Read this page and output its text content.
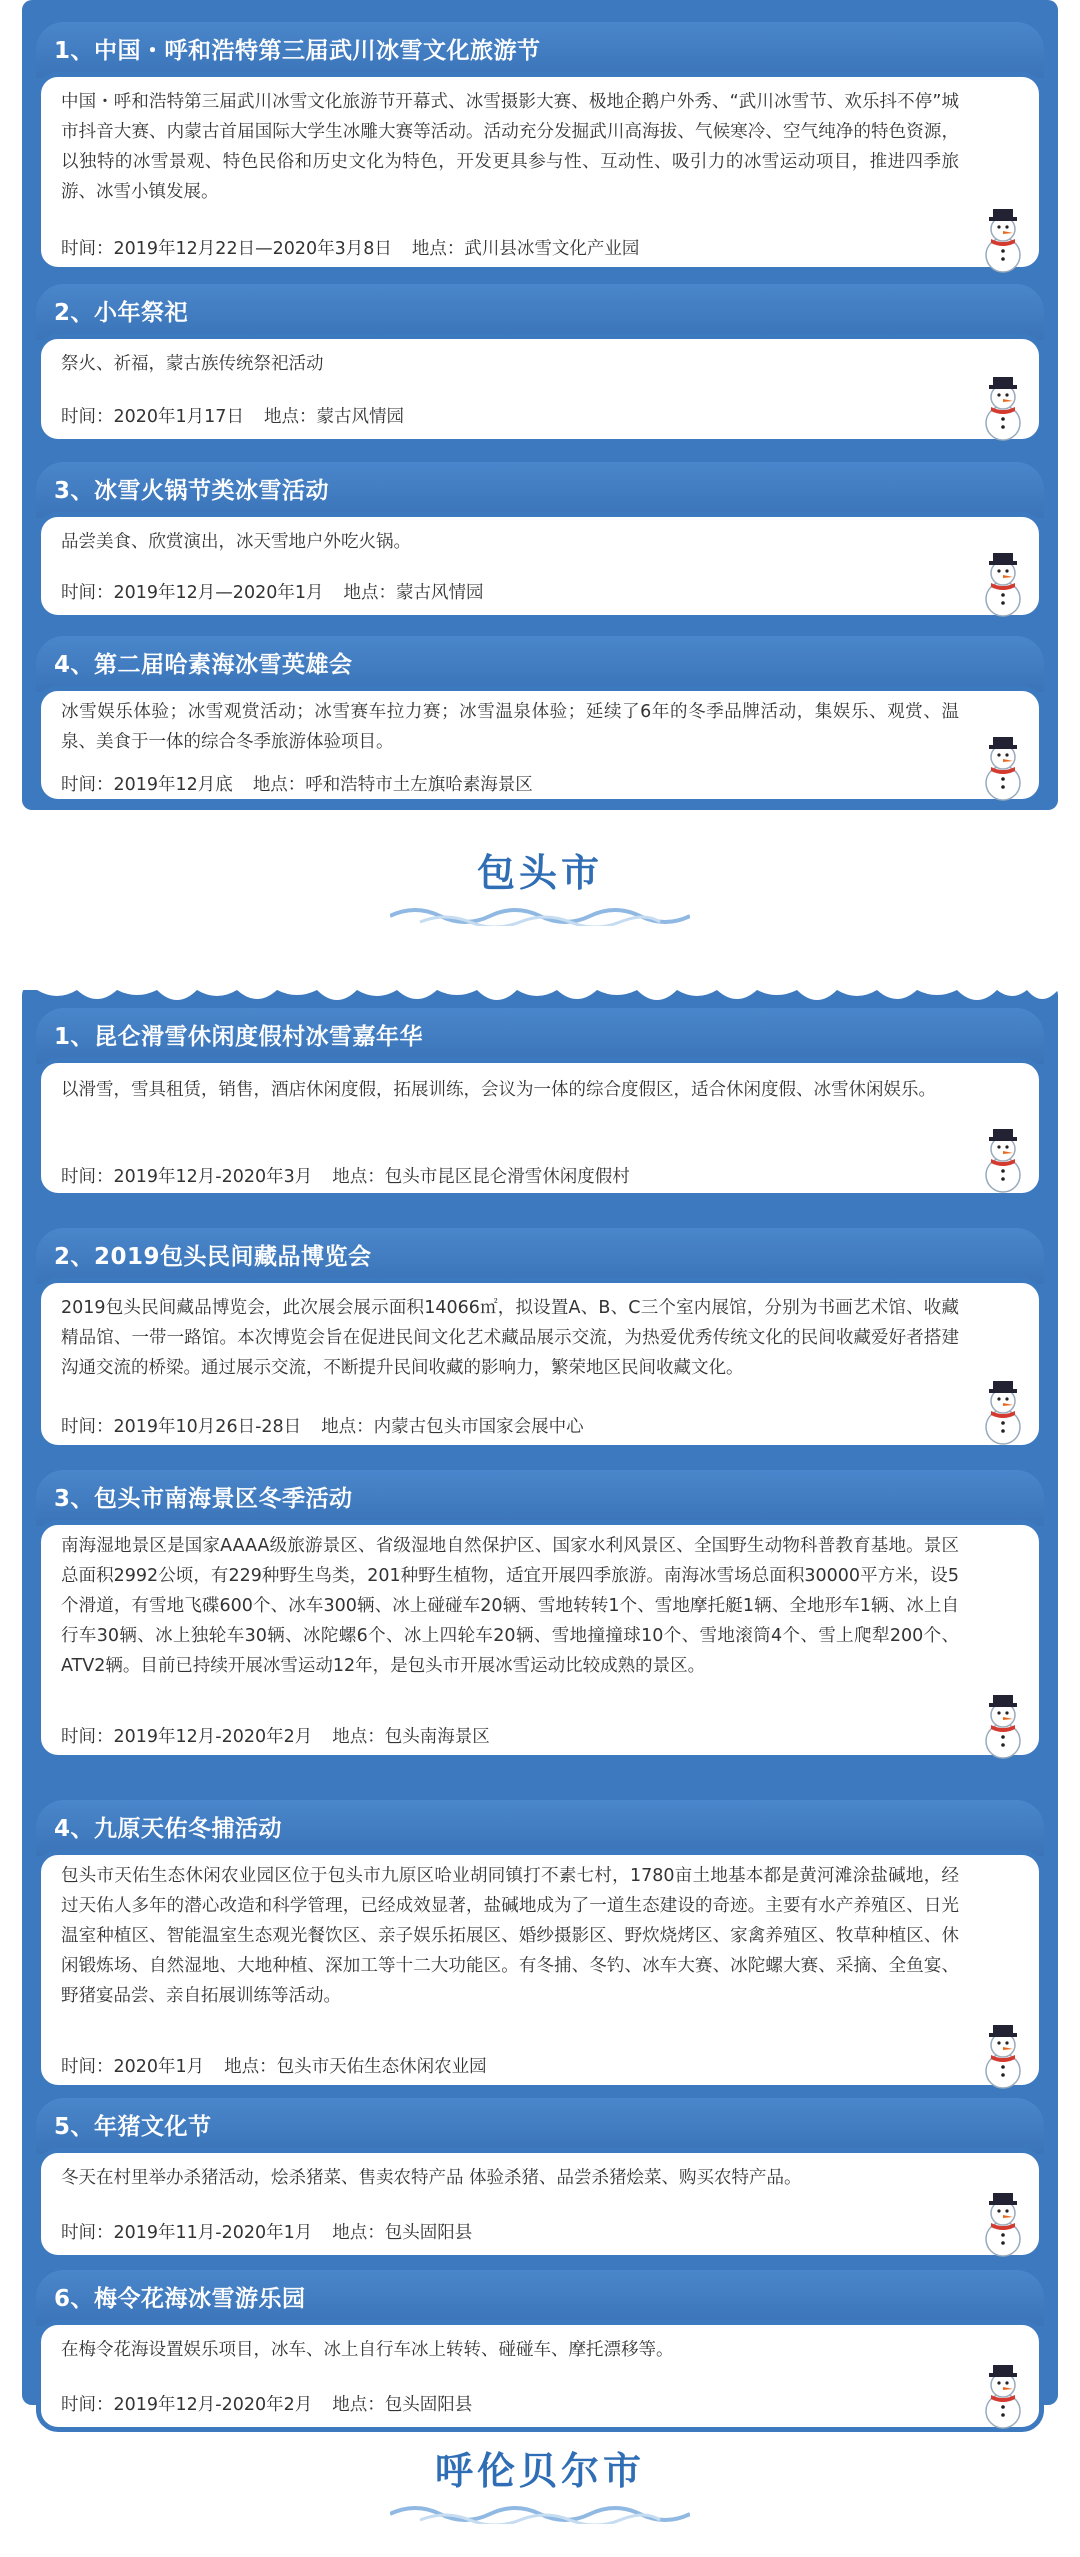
1、中国・呼和浩特第三届武川冰雪文化旅游节
中国・呼和浩特第三届武川冰雪文化旅游节开幕式、冰雪摄影大赛、极地企鹅户外秀、“武川冰雪节、欢乐抖不停”城市抖音大赛、内蒙古首届国际大学生冰雕大赛等活动。活动充分发掘武川高海拔、气候寒冷、空气纯净的特色资源，以独特的冰雪景观、特色民俗和历史文化为特色，开发更具参与性、互动性、吸引力的冰雪运动项目，推进四季旅游、冰雪小镇发展。
时间：2019年12月22日—2020年3月8日 地点：武川县冰雪文化产业园
2、小年祭祀
祭火、祈福，蒙古族传统祭祀活动
时间：2020年1月17日 地点：蒙古风情园
3、冰雪火锅节类冰雪活动
品尝美食、欣赏演出，冰天雪地户外吃火锅。
时间：2019年12月—2020年1月 地点：蒙古风情园
4、第二届哈素海冰雪英雄会
冰雪娱乐体验；冰雪观赏活动；冰雪赛车拉力赛；冰雪温泉体验；延续了6年的冬季品牌活动，集娱乐、观赏、温泉、美食于一体的综合冬季旅游体验项目。
时间：2019年12月底 地点：呼和浩特市土左旗哈素海景区
包头市
1、昆仑滑雪休闲度假村冰雪嘉年华
以滑雪，雪具租赁，销售，酒店休闲度假，拓展训练，会议为一体的综合度假区，适合休闲度假、冰雪休闲娱乐。
时间：2019年12月-2020年3月 地点：包头市昆区昆仑滑雪休闲度假村
2、2019包头民间藏品博览会
2019包头民间藏品博览会，此次展会展示面积14066㎡，拟设置A、B、C三个室内展馆，分别为书画艺术馆、收藏精品馆、一带一路馆。本次博览会旨在促进民间文化艺术藏品展示交流，为热爱优秀传统文化的民间收藏爱好者搭建沟通交流的桥梁。通过展示交流，不断提升民间收藏的影响力，繁荣地区民间收藏文化。
时间：2019年10月26日-28日 地点：内蒙古包头市国家会展中心
3、包头市南海景区冬季活动
南海湿地景区是国家AAAA级旅游景区、省级湿地自然保护区、国家水利风景区、全国野生动物科普教育基地。景区总面积2992公顷，有229种野生鸟类，201种野生植物，适宜开展四季旅游。南海冰雪场总面积30000平方米，设5个滑道，有雪地飞碟600个、冰车300辆、冰上碰碰车20辆、雪地转转1个、雪地摩托艇1辆、全地形车1辆、冰上自行车30辆、冰上独轮车30辆、冰陀螺6个、冰上四轮车20辆、雪地撞撞球10个、雪地滚筒4个、雪上爬犁200个、ATV2辆。目前已持续开展冰雪运动12年，是包头市开展冰雪运动比较成熟的景区。
时间：2019年12月-2020年2月 地点：包头南海景区
4、九原天佑冬捕活动
包头市天佑生态休闲农业园区位于包头市九原区哈业胡同镇打不素七村，1780亩土地基本都是黄河滩涂盐碱地，经过天佑人多年的潜心改造和科学管理，已经成效显著，盐碱地成为了一道生态建设的奇迹。主要有水产养殖区、日光温室种植区、智能温室生态观光餐饮区、亲子娱乐拓展区、婚纱摄影区、野炊烧烤区、家禽养殖区、牧草种植区、休闲锻炼场、自然湿地、大地种植、深加工等十二大功能区。有冬捕、冬钓、冰车大赛、冰陀螺大赛、采摘、全鱼宴、野猪宴品尝、亲自拓展训练等活动。
时间：2020年1月 地点：包头市天佑生态休闲农业园
5、年猪文化节
冬天在村里举办杀猪活动，烩杀猪菜、售卖农特产品 体验杀猪、品尝杀猪烩菜、购买农特产品。
时间：2019年11月-2020年1月 地点：包头固阳县
6、梅令花海冰雪游乐园
在梅令花海设置娱乐项目，冰车、冰上自行车冰上转转、碰碰车、摩托漂移等。
时间：2019年12月-2020年2月 地点：包头固阳县
呼伦贝尔市
